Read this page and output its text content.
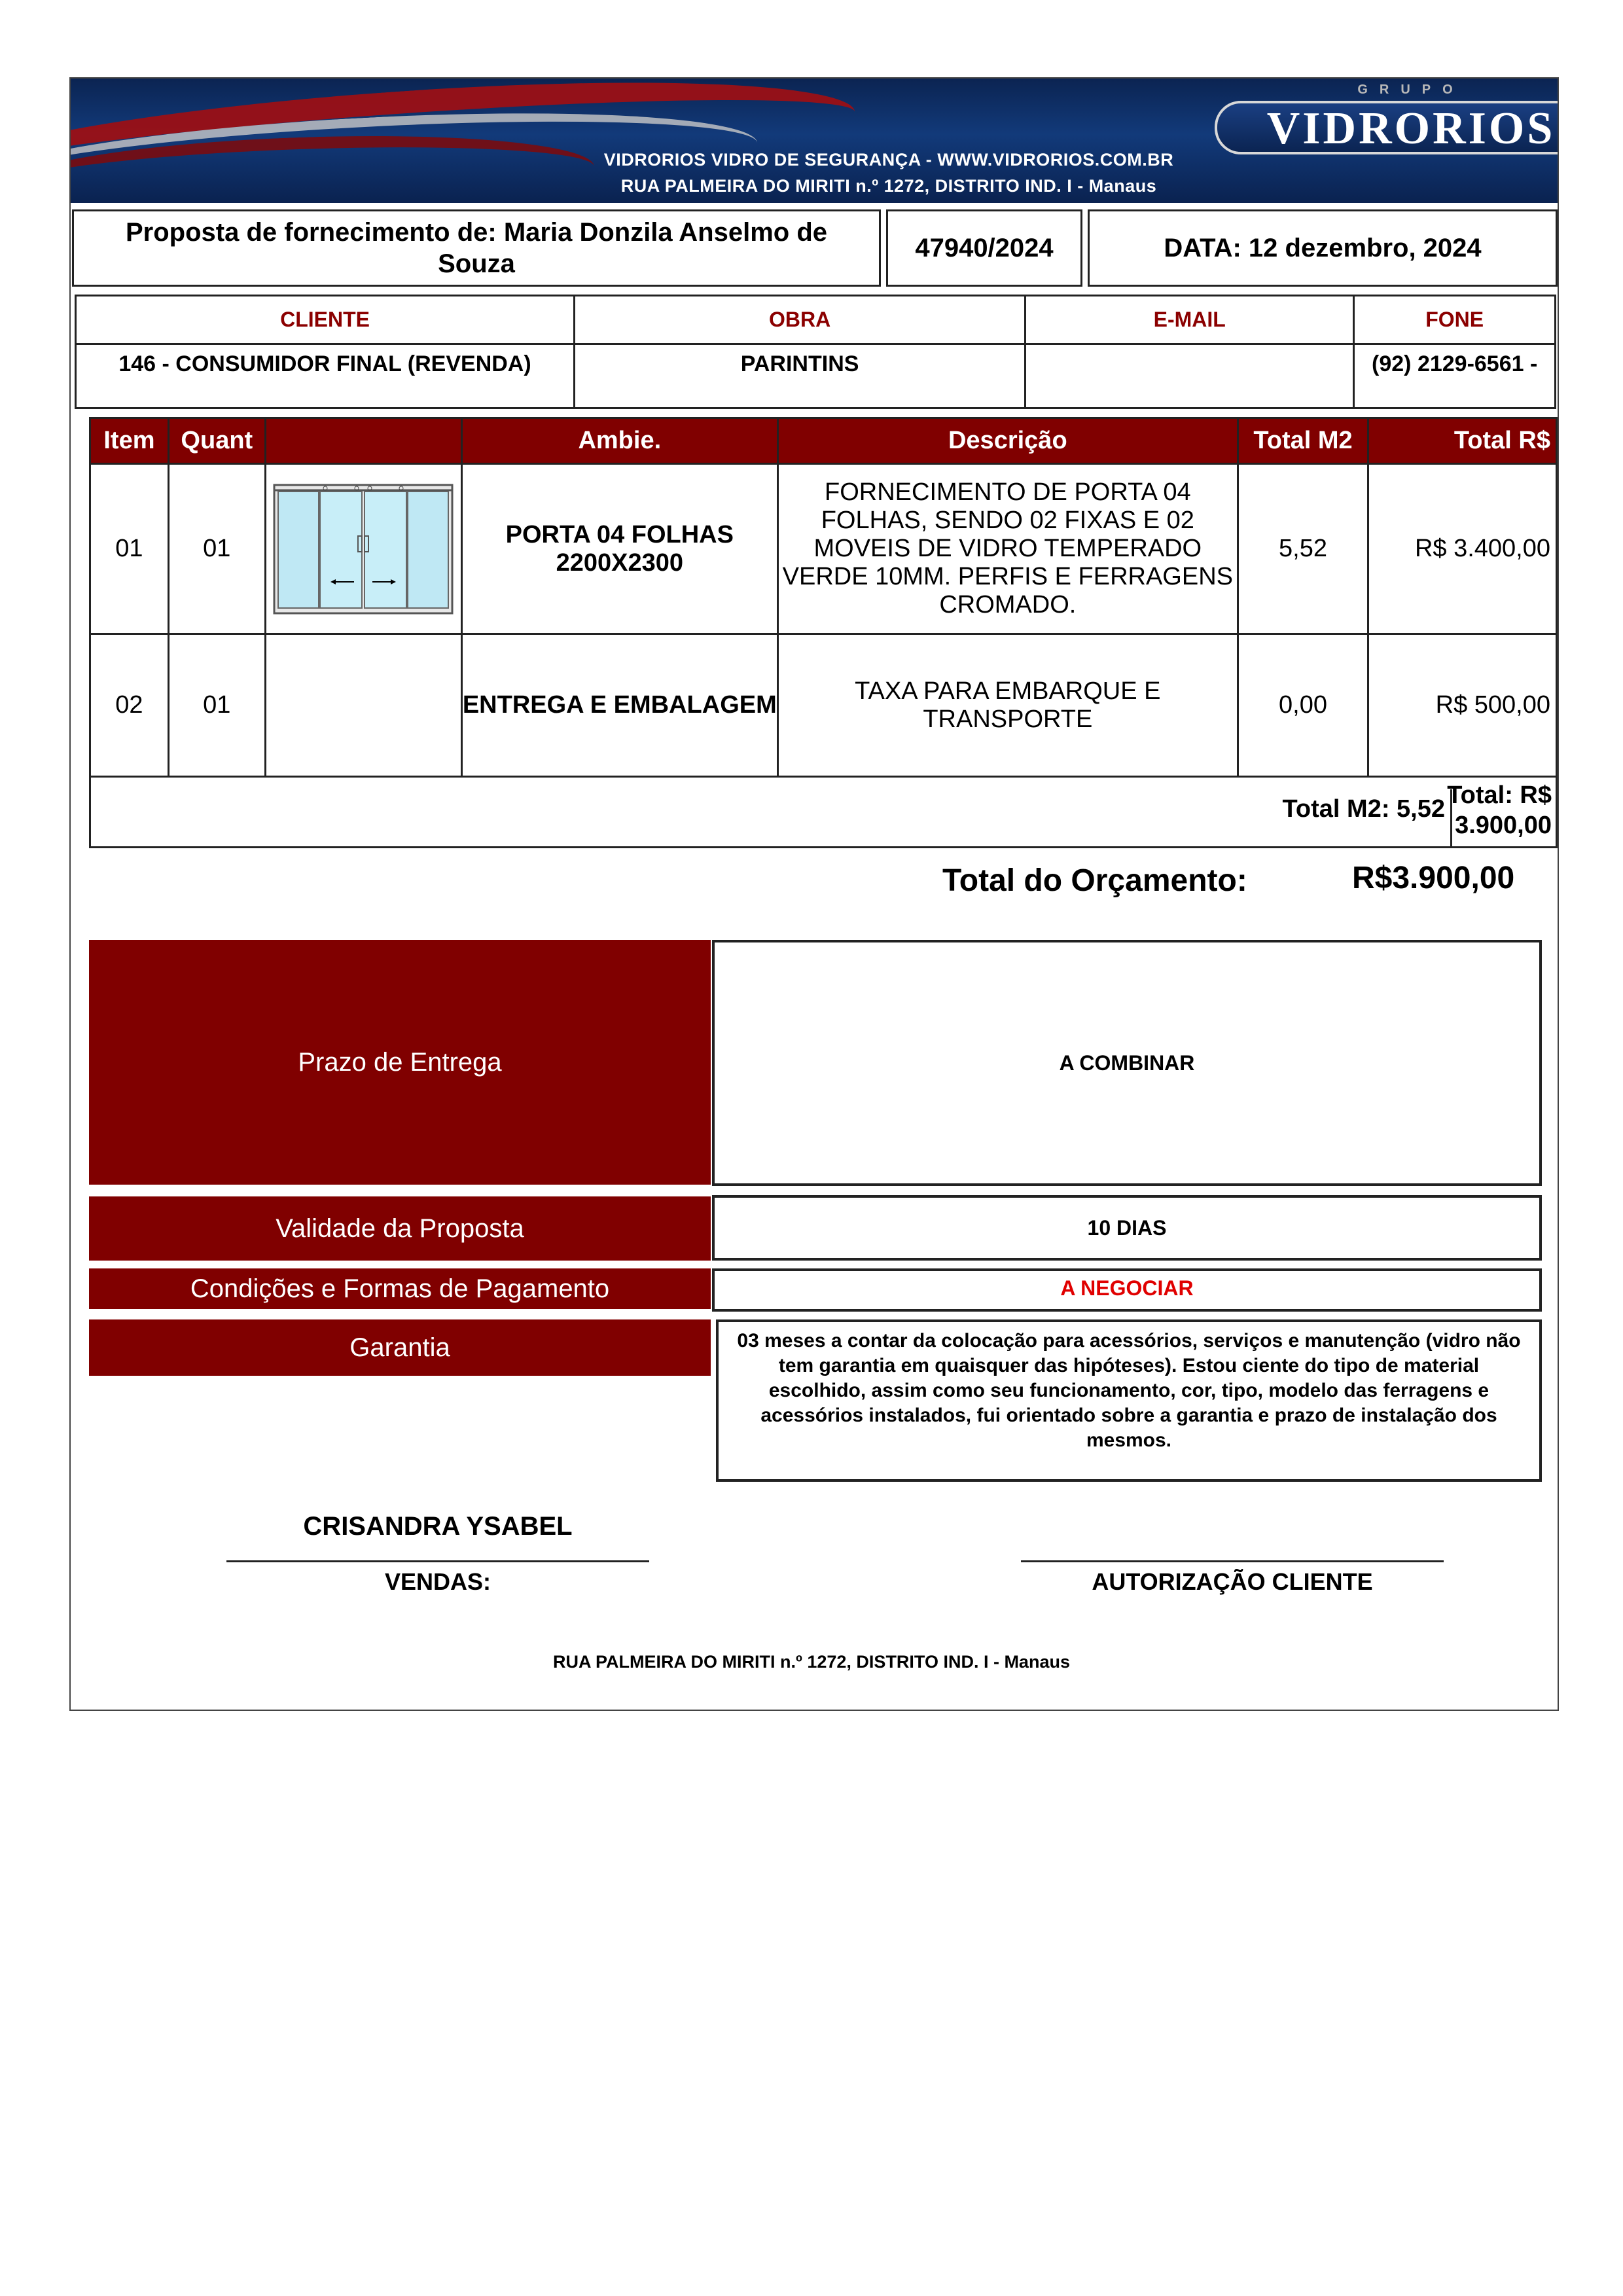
GRUPO
VIDRORIOS
VIDRORIOS VIDRO DE SEGURANÇA - WWW.VIDRORIOS.COM.BR
RUA PALMEIRA DO MIRITI n.º 1272, DISTRITO IND. I - Manaus
Proposta de fornecimento de: Maria Donzila Anselmo de Souza
47940/2024	DATA: 12 dezembro, 2024
CLIENTE	OBRA	E-MAIL	FONE
146 - CONSUMIDOR FINAL (REVENDA)	PARINTINS		(92) 2129-6561 -
Item	Quant		Ambie.	Descrição	Total M2	Total R$
01	01		PORTA 04 FOLHAS 2200X2300	FORNECIMENTO DE PORTA 04 FOLHAS, SENDO 02 FIXAS E 02 MOVEIS DE VIDRO TEMPERADO VERDE 10MM. PERFIS E FERRAGENS CROMADO.	5,52	R$ 3.400,00
02	01		ENTREGA E EMBALAGEM	TAXA PARA EMBARQUE E TRANSPORTE	0,00	R$ 500,00
Total M2: 5,52 Total: R$ 3.900,00
Total do Orçamento:	R$3.900,00
Prazo de Entrega	A COMBINAR
Validade da Proposta	10 DIAS
Condições e Formas de Pagamento	A NEGOCIAR
Garantia	03 meses a contar da colocação para acessórios, serviços e manutenção (vidro não tem garantia em quaisquer das hipóteses). Estou ciente do tipo de material escolhido, assim como seu funcionamento, cor, tipo, modelo das ferragens e acessórios instalados, fui orientado sobre a garantia e prazo de instalação dos mesmos.
CRISANDRA YSABEL
VENDAS:	AUTORIZAÇÃO CLIENTE
RUA PALMEIRA DO MIRITI n.º 1272, DISTRITO IND. I - Manaus
